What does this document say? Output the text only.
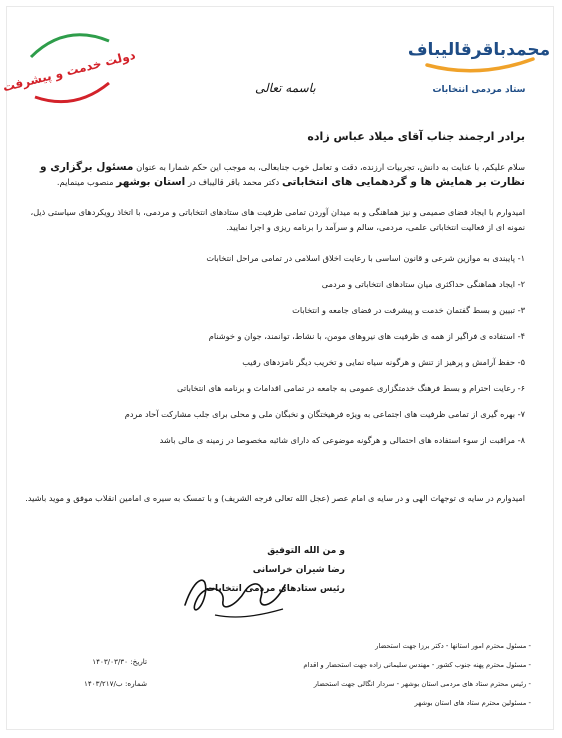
محمدباقرقالیباف
ستاد مردمی انتخابات
دولت خدمت و پیشرفت	باسمه تعالی
برادر ارجمند جناب آقای میلاد عباس زاده
سلام علیکم، با عنایت به دانش، تجربیات ارزنده، دقت و تعامل خوب جنابعالی، به موجب این حکم شمارا به عنوان مسئول برگزاری و نظارت بر همایش ها و گردهمایی های انتخاباتی دکتر محمد باقر قالیباف در استان بوشهر منصوب مینمایم.
امیدوارم با ایجاد فضای صمیمی و نیز هماهنگی و به میدان آوردن تمامی ظرفیت های ستادهای انتخاباتی و مردمی، با اتخاذ رویکردهای سیاستی ذیل، نمونه ای از فعالیت انتخاباتی علمی، مردمی، سالم و سرآمد را برنامه ریزی و اجرا نمایید.
۱- پایبندی به موازین شرعی و قانون اساسی با رعایت اخلاق اسلامی در تمامی مراحل انتخابات
۲- ایجاد هماهنگی حداکثری میان ستادهای انتخاباتی و مردمی
۳- تبیین و بسط گفتمان خدمت و پیشرفت در فضای جامعه و انتخابات
۴- استفاده ی فراگیر از همه ی ظرفیت های نیروهای مومن، با نشاط، توانمند، جوان و خوشنام
۵- حفظ آرامش و پرهیز از تنش و هرگونه سیاه نمایی و تخریب دیگر نامزدهای رقیب
۶- رعایت احترام و بسط فرهنگ خدمتگزاری عمومی به جامعه در تمامی اقدامات و برنامه های انتخاباتی
۷- بهره گیری از تمامی ظرفیت های اجتماعی به ویژه فرهیختگان و نخبگان ملی و محلی برای جلب مشارکت آحاد مردم
۸- مراقبت از سوء استفاده های احتمالی و هرگونه موضوعی که دارای شائبه مخصوصا در زمینه ی مالی باشد
امیدوارم در سایه ی توجهات الهی و در سایه ی امام عصر (عجل الله تعالی فرجه الشریف) و با تمسک به سیره ی امامین انقلاب موفق و موید باشید.
و من الله التوفیق
رضا شیران خراسانی
رئیس ستادهای مردمی انتخابات
- مسئول محترم امور استانها - دکتر برزا جهت استحضار
- مسئول محترم پهنه جنوب کشور - مهندس سلیمانی زاده جهت استحضار و اقدام
- رئیس محترم ستاد های مردمی استان بوشهر - سردار انگالی جهت استحضار
- مسئولین محترم ستاد های استان بوشهر
تاریخ: ۱۴۰۳/۰۳/۳۰
شماره: ب/۱۴۰۳/۲۱۷
